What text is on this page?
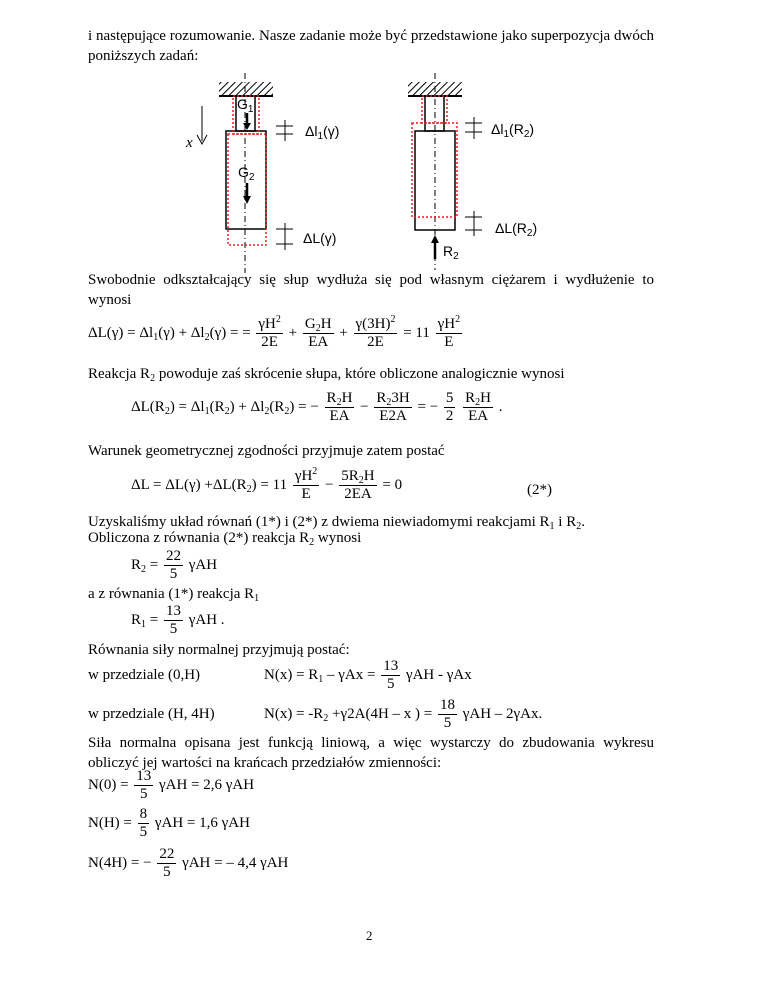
i następujące rozumowanie. Nasze zadanie może być przedstawione jako superpozycja dwóch poniższych zadań:
$G_1$
$G_2$
x
$\Delta l_1(\gamma)$
ΔL(γ)
$\Delta l_1(R_2)$
$\Delta L(R_2)$
$R_2$
Swobodnie odkształcający się słup wydłuża się pod własnym ciężarem i wydłużenie to wynosi
$\Delta L(\gamma) = \Delta l_1(\gamma) + \Delta l_2(\gamma)$ = = $\frac{\gamma H^2}{2E} + \frac{G_2H}{EA} + \frac{\gamma(3H)^2}{2E} = 11 \frac{\gamma H^2}{E}$
Reakcja $R_2$ powoduje zaś skrócenie słupa, które obliczone analogicznie wynosi
$\Delta L(R_2) = \Delta l_1(R_2) + \Delta l_2(R_2)$ = − $\frac{R_2H}{EA} - \frac{R_23H}{E2A}$ = − $\frac{5}{2}$
$\frac{R_2H}{EA}$ .
Warunek geometrycznej zgodności przyjmuje zatem postać
$\Delta L = \Delta L(\gamma) +\Delta L(R_2) = 11 \frac{\gamma H^2}{E} - \frac{5R_2H}{2EA} = 0$	(2*)
Uzyskaliśmy układ równań (1*) i (2*) z dwiema niewiadomymi reakcjami $R_1$ i $R_2$.
Obliczona z równania (2*) reakcja $R_2$ wynosi
$R_2 = \frac{22}{5}$ γAH
a z równania (1*) reakcja $R_1$
$R_1 = \frac{13}{5}$ γAH .
Równania siły normalnej przyjmują postać:
w przedziale (0,H)	$N(x) = R_1 - \gamma Ax = \frac{13}{5}$ γAH - γAx
w przedziale (H, 4H)	$N(x) = -R_2 +\gamma 2A(4H - x$ ) = $\frac{18}{5}$ γAH – 2γAx.
Siła normalna opisana jest funkcją liniową, a więc wystarczy do zbudowania wykresu obliczyć jej wartości na krańcach przedziałów zmienności:
$N(0) = \frac{13}{5}$ γAH = 2,6 γAH
$N(H) = \frac{8}{5}$ γAH = 1,6 γAH
N(4H) = − $\frac{22}{5}$ γAH = – 4,4 γAH
2
